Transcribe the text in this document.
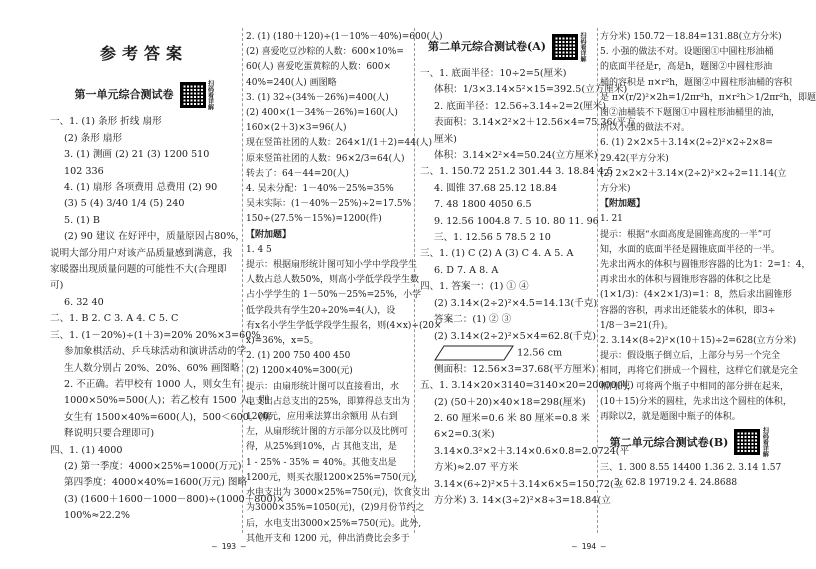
参考答案
第一单元综合测试卷	扫码看详解
一、1. (1) 条形 折线 扇形
(2) 条形 扇形
3. (1) 测画 (2) 21 (3) 1200 510
102 336
4. (1) 扇形 各项费用 总费用 (2) 90
(3) 5 (4) 3/40 1/4 (5) 240
5. (1) B
(2) 90 建议 在好评中，质量原因占80%，
说明大部分用户对该产品质量感到满意，我
家暖器出现质量问题的可能性不大(合理即
可)
6. 32 40
二、1. B 2. C 3. A 4. C 5. C
三、1. (1－20%)÷(1＋3)=20% 20%×3=60%
参加象棋活动、乒乓球活动和演讲活动的学
生人数分别占 20%、20%、60% 画图略
2. 不正确。若甲校有 1000 人，则女生有
1000×50%=500(人)；若乙校有 1500 人，则
女生有 1500×40%=600(人)，500＜600。(解
释说明只要合理即可)
四、1. (1) 4000
(2) 第一季度：4000×25%=1000(万元)
第四季度：4000×40%=1600(万元) 图略
(3) (1600＋1600－1000－800)÷(1000＋800)×
100%≈22.2%
2. (1) (180＋120)÷(1－10%－40%)=600(人)
(2) 喜爱吃豆沙粽的人数：600×10%=
60(人) 喜爱吃蛋黄粽的人数：600×
40%=240(人) 画图略
3. (1) 32÷(34%－26%)=400(人)
(2) 400×(1－34%－26%)=160(人)
160×(2＋3)×3=96(人)
现在竖笛社团的人数：264×1/(1＋2)=44(人)
原来竖笛社团的人数：96×2/3=64(人)
转去了：64－44=20(人)
4. 吴未分配：1－40%－25%=35%
吴未实际：(1－40%－25%)÷2=17.5%
150÷(27.5%－15%)=1200(件)
【附加题】
1. 4 5
提示：根据扇形统计图可知小学中学段学生
人数占总人数50%，则高小学低学段学生数
占小学学生的 1－50%－25%=25%，小学
低学段共有学生20÷20%=4(人)，设
有x名小学生学低学段学生报名，则(4×x)÷(20×
x)=36%，x=5。
2. (1) 200 750 400 450
(2) 1200×40%=300(元)
提示：由扇形统计图可以直接看出，水
电支出占总支出的25%，即算得总支出为
1200元，应用乘法算出余额用 从右到
左，从扇形统计图的方示部分以及比例可
得，从25%到10%，占 其他支出，是
1 - 25% - 35% = 40%。其他支出是
1200元，则买衣服1200×25%=750(元)，
水电支出为 3000×25%=750(元)，饮食支出
为3000×35%=1050(元)，(2)9月份节约之
后，水电支出3000×25%=750(元)。此外,
其他开支和 1200 元，伸出消费比会多于
第二单元综合测试卷(A)	扫码看详解
一、1. 底面半径：10÷2=5(厘米)
体积：1/3×3.14×5²×15=392.5(立方厘米)
2. 底面半径：12.56÷3.14÷2=2(厘米)
表面积：3.14×2²×2＋12.56×4=75.36(平方
厘米)
体积：3.14×2²×4=50.24(立方厘米)
二、1. 150.72 251.2 301.44 3. 18.84 4.5
4. 圆锥 37.68 25.12 18.84
7. 48 1800 4050 6.5
9. 12.56 1004.8 7. 5 10. 80 11. 96
三、1. 12.56 5 78.5 2 10
三、1. (1) C (2) A (3) C 4. A 5. A
6. D 7. A 8. A
四、1. 答案一：(1) ① ④
(2) 3.14×(2÷2)²×4.5=14.13(千克)
答案二：(1) ② ③
(2) 3.14×(2÷2)²×5×4=62.8(千克)
12.56 cm
侧面积：12.56×3=37.68(平方厘米)
五、1. 3.14×20×3140=3140×20=20000(吨)
(2) (50＋20)×40×18=298(厘米)
2. 60 厘米=0.6 米 80 厘米=0.8 米
6×2=0.3(米)
3.14×0.3²×2＋3.14×0.6×0.8=2.0724(平
方米)≈2.07 平方米
3.14×(6÷2)²×5＋3.14×6×5=150.72(立
方分米) 3. 14×(3÷2)²×8÷3=18.84(立
方分米) 150.72－18.84=131.88(立方分米)
5. 小强的做法不对。设题图①中圆柱形油桶
的底面半径是r，高是h，题图②中圆柱形油
桶的容积是 π×r²h，题图②中圆柱形油桶的容积
是 π×(r/2)²×2h=1/2πr²h，π×r²h＞1/2πr²h，即题
图②油桶装不下题图①中圆柱形油桶里的油，
所以小强的做法不对。
6. (1) 2×2×5＋3.14×(2÷2)²×2÷2×8=
29.42(平方分米)
(2) 2×2×2＋3.14×(2÷2)²×2÷2=11.14(立
方分米)
【附加题】
1. 21
提示：根据“水面高度是圆锥高度的一半”可
知，水面的底面半径是圆锥底面半径的一半。
先求出两水的体积与圆锥形容器的比为1：2=1：4，
再求出水的体积与圆锥形容器的体积之比是
(1×1/3)：(4×2×1/3)=1：8，然后求出圆锥形
容器的容积，再求出还能装水的体积，即3÷
1/8－3=21(升)。
2. 3.14×(8÷2)²×(10＋15)÷2=628(立方分米)
提示：假设瓶子倒立后，上部分与另一个完全
相同，再将它们拼成一个圆柱，这样它们就是完全
相同的，可将两个瓶子中相同的部分拼在起来，
(10＋15)分米的圆柱，先求出这个圆柱的体积，
再除以2，就是题图中瓶子的体积。
第二单元综合测试卷(B)	扫码看详解
三、1. 300 8.55 14400 1.36 2. 3.14 1.57
3. 62.8 19719.2 4. 24.8688
— 193 —	— 194 —
